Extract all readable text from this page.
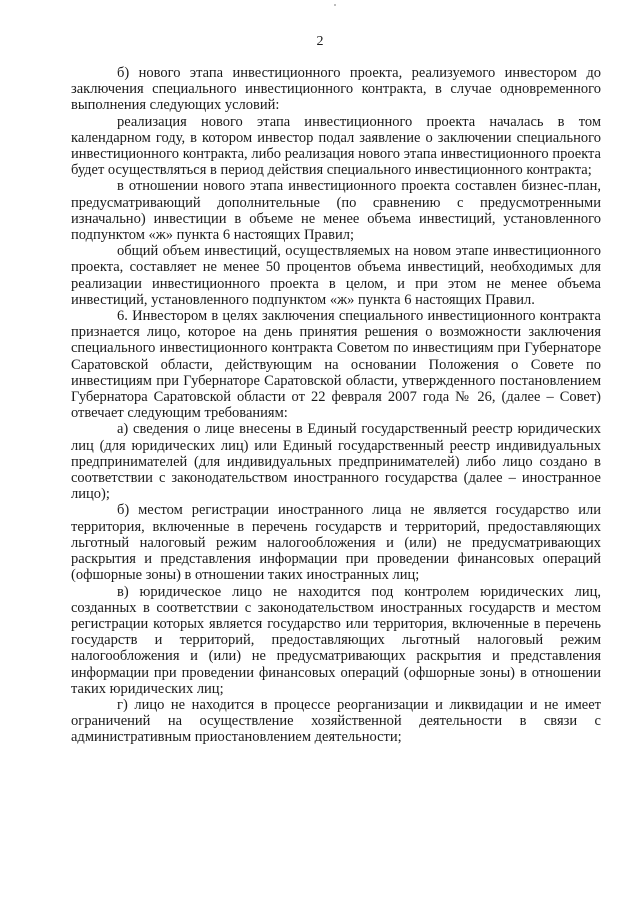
2

б) нового этапа инвестиционного проекта, реализуемого инвестором до заключения специального инвестиционного контракта, в случае одновременного выполнения следующих условий:

реализация нового этапа инвестиционного проекта началась в том календарном году, в котором инвестор подал заявление о заключении специального инвестиционного контракта, либо реализация нового этапа инвестиционного проекта будет осуществляться в период действия специального инвестиционного контракта;

в отношении нового этапа инвестиционного проекта составлен бизнес-план, предусматривающий дополнительные (по сравнению с предусмотренными изначально) инвестиции в объеме не менее объема инвестиций, установленного подпунктом «ж» пункта 6 настоящих Правил;

общий объем инвестиций, осуществляемых на новом этапе инвестиционного проекта, составляет не менее 50 процентов объема инвестиций, необходимых для реализации инвестиционного проекта в целом, и при этом не менее объема инвестиций, установленного подпунктом «ж» пункта 6 настоящих Правил.

6. Инвестором в целях заключения специального инвестиционного контракта признается лицо, которое на день принятия решения о возможности заключения специального инвестиционного контракта Советом по инвестициям при Губернаторе Саратовской области, действующим на основании Положения о Совете по инвестициям при Губернаторе Саратовской области, утвержденного постановлением Губернатора Саратовской области от 22 февраля 2007 года № 26, (далее – Совет) отвечает следующим требованиям:

а) сведения о лице внесены в Единый государственный реестр юридических лиц (для юридических лиц) или Единый государственный реестр индивидуальных предпринимателей (для индивидуальных предпринимателей) либо лицо создано в соответствии с законодательством иностранного государства (далее – иностранное лицо);

б) местом регистрации иностранного лица не является государство или территория, включенные в перечень государств и территорий, предоставляющих льготный налоговый режим налогообложения и (или) не предусматривающих раскрытия и представления информации при проведении финансовых операций (офшорные зоны) в отношении таких иностранных лиц;

в) юридическое лицо не находится под контролем юридических лиц, созданных в соответствии с законодательством иностранных государств и местом регистрации которых является государство или территория, включенные в перечень государств и территорий, предоставляющих льготный налоговый режим налогообложения и (или) не предусматривающих раскрытия и представления информации при проведении финансовых операций (офшорные зоны) в отношении таких юридических лиц;

г) лицо не находится в процессе реорганизации и ликвидации и не имеет ограничений на осуществление хозяйственной деятельности в связи с административным приостановлением деятельности;
